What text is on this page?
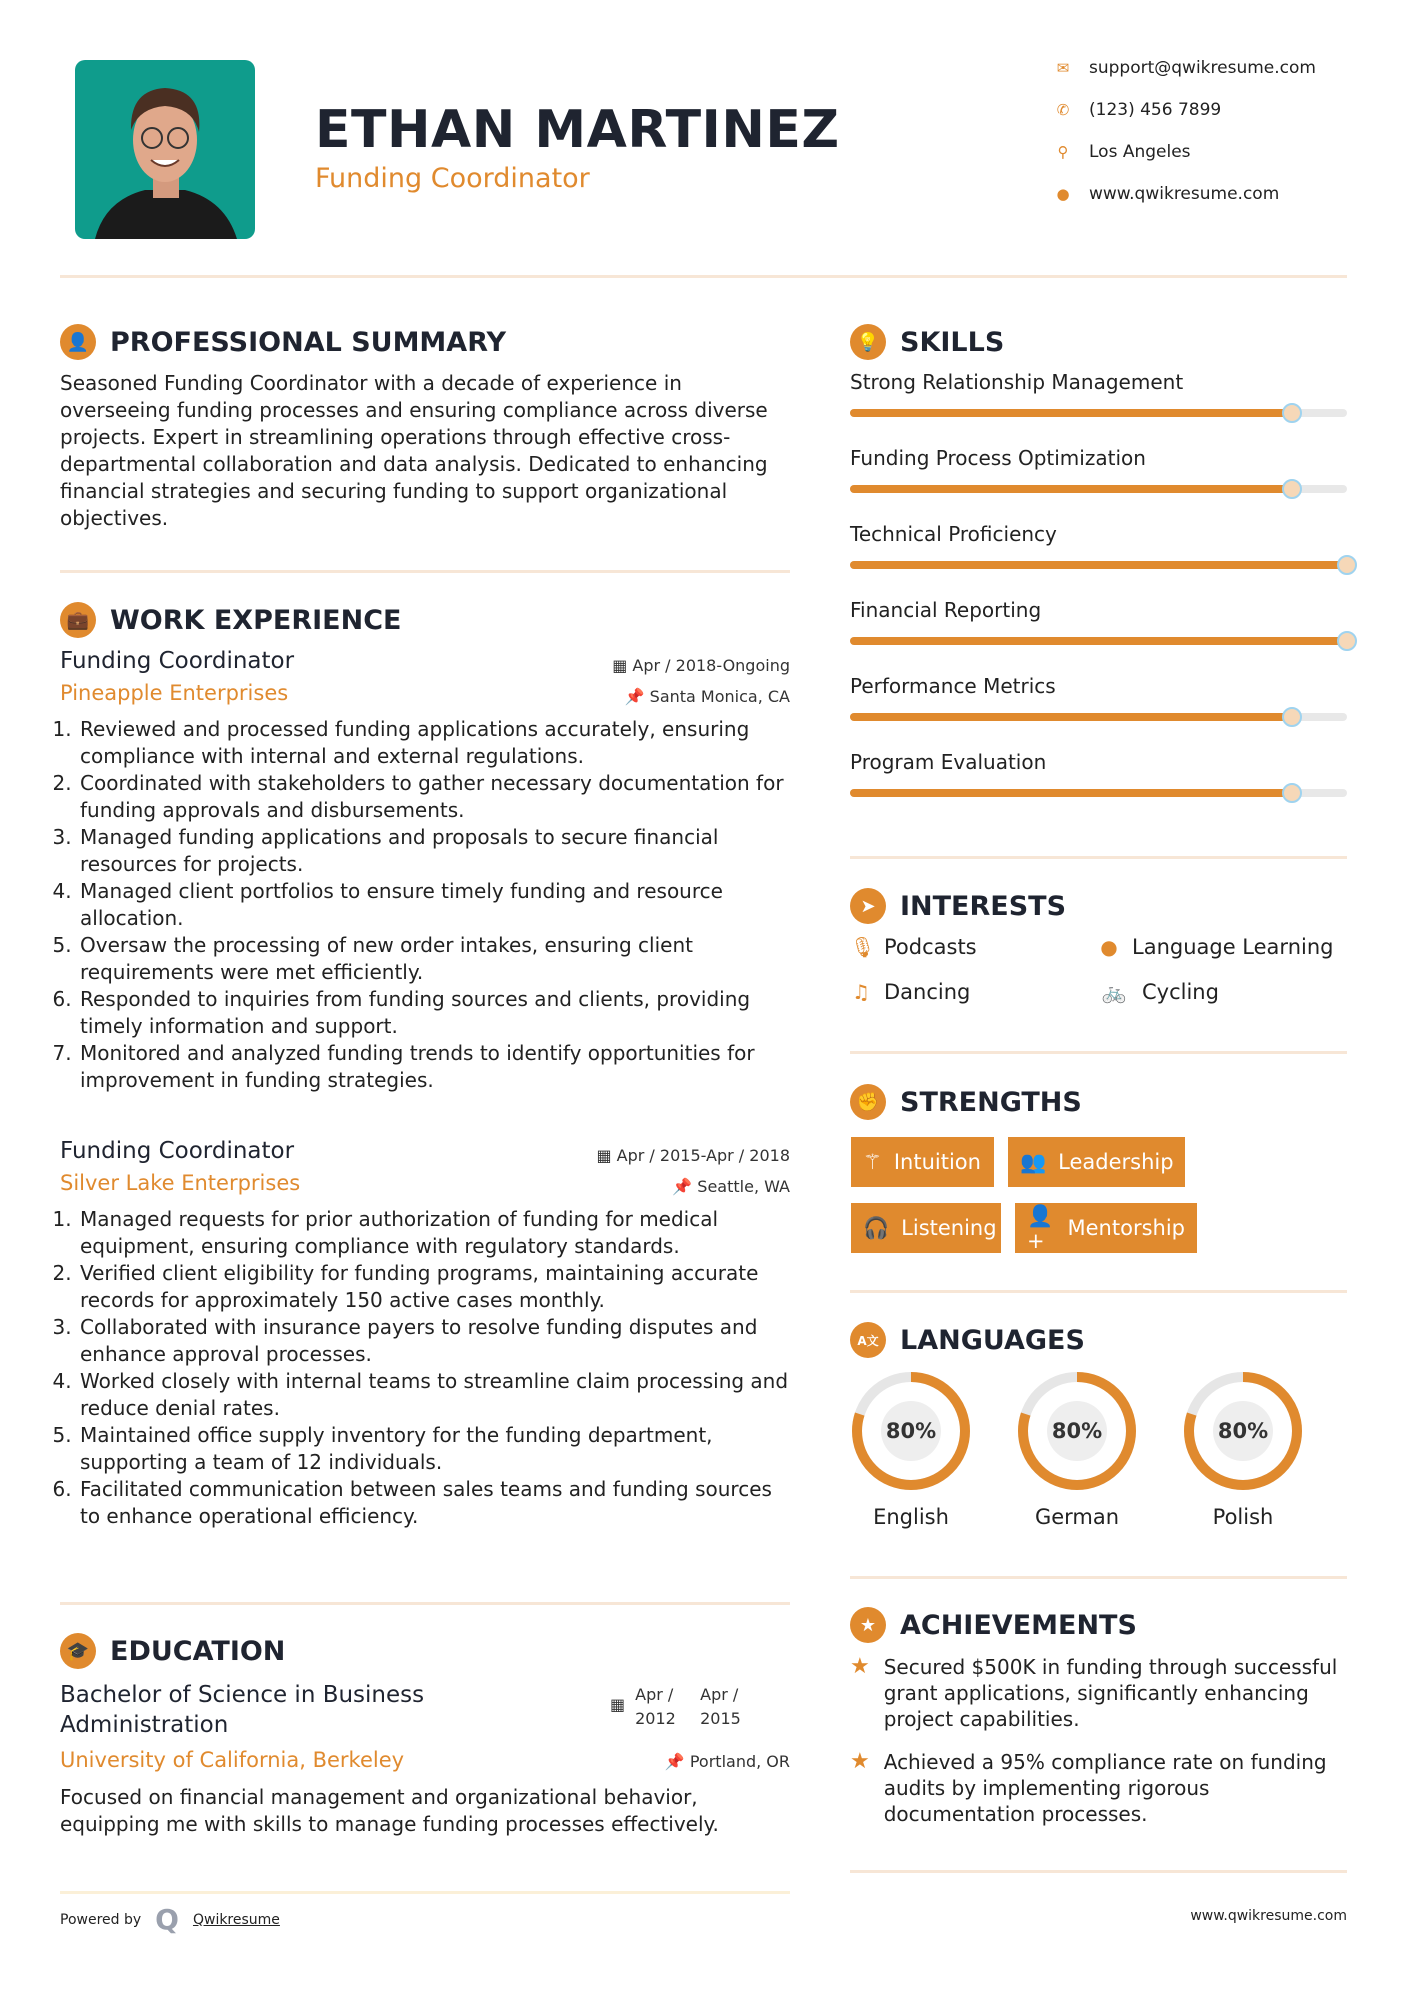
ETHAN MARTINEZ
Funding Coordinator
✉ support@qwikresume.com
✆ (123) 456 7899
⚲ Los Angeles
● www.qwikresume.com
👤 PROFESSIONAL SUMMARY
Seasoned Funding Coordinator with a decade of experience in overseeing funding processes and ensuring compliance across diverse projects. Expert in streamlining operations through effective cross-departmental collaboration and data analysis. Dedicated to enhancing financial strategies and securing funding to support organizational objectives.
💼 WORK EXPERIENCE
Funding Coordinator	▦ Apr / 2018-Ongoing
Pineapple Enterprises	📌 Santa Monica, CA
1. Reviewed and processed funding applications accurately, ensuring compliance with internal and external regulations.
2. Coordinated with stakeholders to gather necessary documentation for funding approvals and disbursements.
3. Managed funding applications and proposals to secure financial resources for projects.
4. Managed client portfolios to ensure timely funding and resource allocation.
5. Oversaw the processing of new order intakes, ensuring client requirements were met efficiently.
6. Responded to inquiries from funding sources and clients, providing timely information and support.
7. Monitored and analyzed funding trends to identify opportunities for improvement in funding strategies.
Funding Coordinator	▦ Apr / 2015-Apr / 2018
Silver Lake Enterprises	📌 Seattle, WA
1. Managed requests for prior authorization of funding for medical equipment, ensuring compliance with regulatory standards.
2. Verified client eligibility for funding programs, maintaining accurate records for approximately 150 active cases monthly.
3. Collaborated with insurance payers to resolve funding disputes and enhance approval processes.
4. Worked closely with internal teams to streamline claim processing and reduce denial rates.
5. Maintained office supply inventory for the funding department, supporting a team of 12 individuals.
6. Facilitated communication between sales teams and funding sources to enhance operational efficiency.
🎓 EDUCATION
Bachelor of Science in Business Administration
▦
Apr / 2012
Apr / 2015
University of California, Berkeley	📌 Portland, OR
Focused on financial management and organizational behavior, equipping me with skills to manage funding processes effectively.
Powered by Q Qwikresume	www.qwikresume.com
💡 SKILLS
Strong Relationship Management
Funding Process Optimization
Technical Proficiency
Financial Reporting
Performance Metrics
Program Evaluation
➤ INTERESTS
🎙 Podcasts	● Language Learning
♫ Dancing	🚲 Cycling
✊ STRENGTHS
⚚ Intuition 👥 Leadership
🎧 Listening
👤+
Mentorship
A文 LANGUAGES
80%
English
80%
German
80%
Polish
★ ACHIEVEMENTS
★ Secured $500K in funding through successful grant applications, significantly enhancing project capabilities.
★ Achieved a 95% compliance rate on funding audits by implementing rigorous documentation processes.
